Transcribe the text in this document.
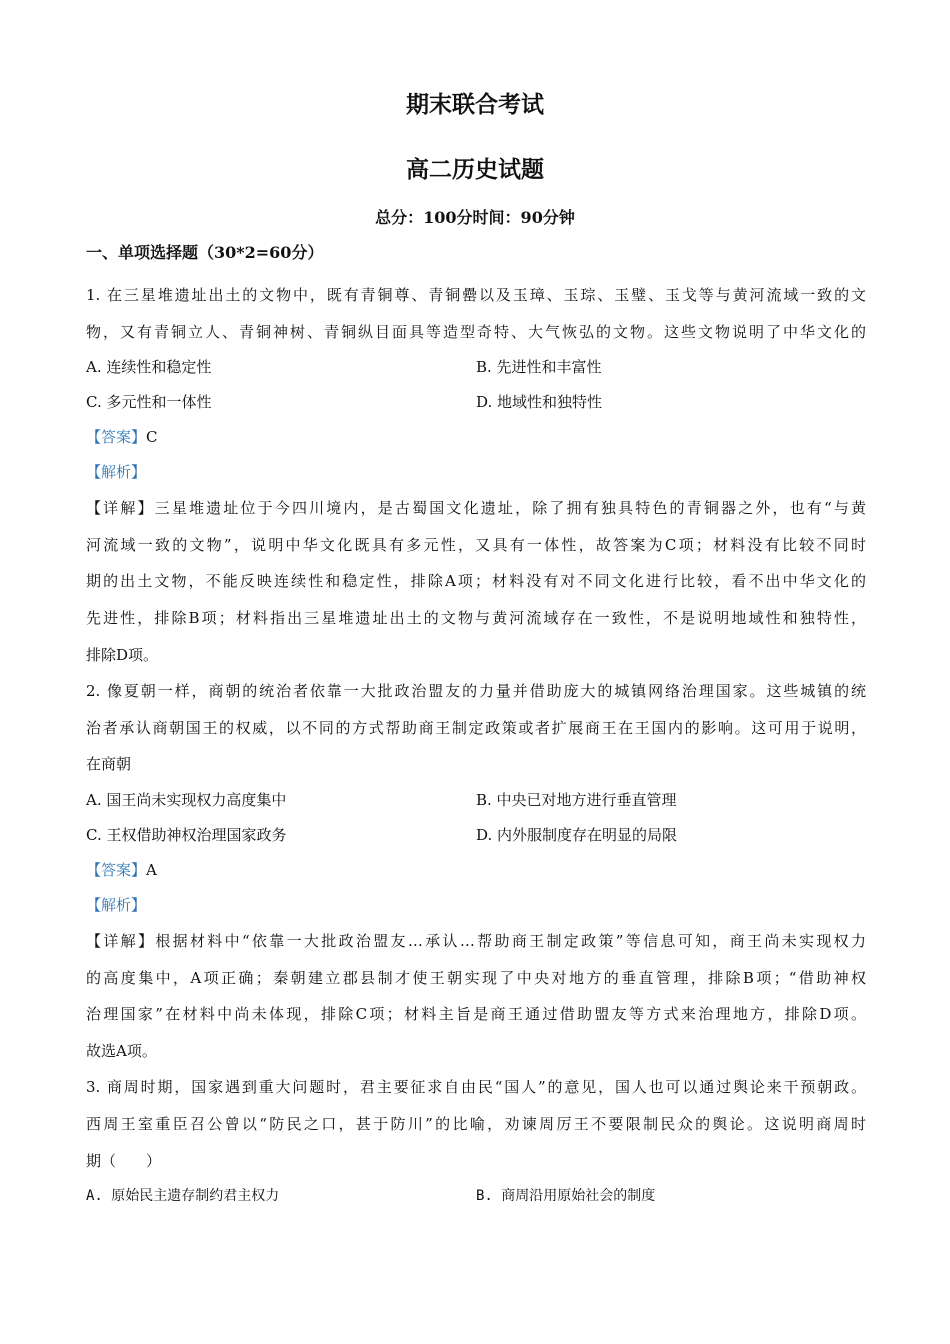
期末联合考试
高二历史试题
总分：100分时间：90分钟
一、单项选择题（30*2=60分）
1. 在三星堆遗址出土的文物中，既有青铜尊、青铜罍以及玉璋、玉琮、玉璧、玉戈等与黄河流域一致的文
物，又有青铜立人、青铜神树、青铜纵目面具等造型奇特、大气恢弘的文物。这些文物说明了中华文化的
A. 连续性和稳定性	B. 先进性和丰富性
C. 多元性和一体性	D. 地域性和独特性
【答案】C
【解析】
【详解】三星堆遗址位于今四川境内，是古蜀国文化遗址，除了拥有独具特色的青铜器之外，也有“与黄
河流域一致的文物”，说明中华文化既具有多元性，又具有一体性，故答案为C项；材料没有比较不同时
期的出土文物，不能反映连续性和稳定性，排除A项；材料没有对不同文化进行比较，看不出中华文化的
先进性，排除B项；材料指出三星堆遗址出土的文物与黄河流域存在一致性，不是说明地域性和独特性，
排除D项。
2. 像夏朝一样，商朝的统治者依靠一大批政治盟友的力量并借助庞大的城镇网络治理国家。这些城镇的统
治者承认商朝国王的权威，以不同的方式帮助商王制定政策或者扩展商王在王国内的影响。这可用于说明，
在商朝
A. 国王尚未实现权力高度集中	B. 中央已对地方进行垂直管理
C. 王权借助神权治理国家政务	D. 内外服制度存在明显的局限
【答案】A
【解析】
【详解】根据材料中“依靠一大批政治盟友…承认…帮助商王制定政策”等信息可知，商王尚未实现权力
的高度集中，A项正确；秦朝建立郡县制才使王朝实现了中央对地方的垂直管理，排除B项；“借助神权
治理国家”在材料中尚未体现，排除C项；材料主旨是商王通过借助盟友等方式来治理地方，排除D项。
故选A项。
3. 商周时期，国家遇到重大问题时，君主要征求自由民“国人”的意见，国人也可以通过舆论来干预朝政。
西周王室重臣召公曾以“防民之口，甚于防川”的比喻，劝谏周厉王不要限制民众的舆论。这说明商周时
期（　　）
A. 原始民主遗存制约君主权力	B. 商周沿用原始社会的制度
